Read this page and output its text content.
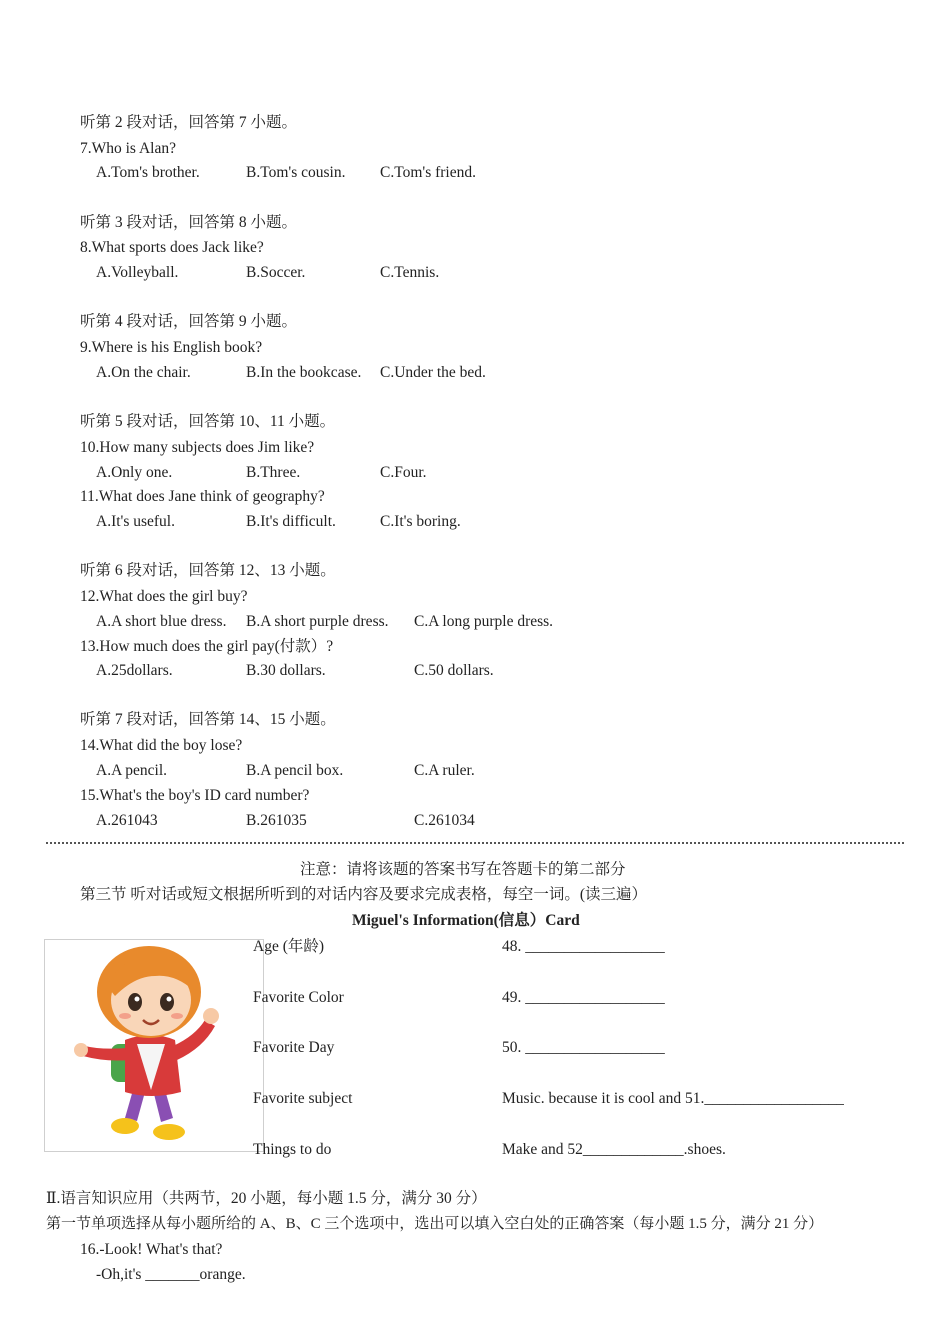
听第 2 段对话，回答第 7 小题。
7.Who is Alan?
A.Tom's brother.	B.Tom's cousin. C.Tom's friend.
听第 3 段对话，回答第 8 小题。
8.What sports does Jack like?
A.Volleyball.	B.Soccer.	C.Tennis.
听第 4 段对话，回答第 9 小题。
9.Where is his English book?
A.On the chair.	B.In the bookcase. C.Under the bed.
听第 5 段对话，回答第 10、11 小题。
10.How many subjects does Jim like?
A.Only one.	B.Three.	C.Four.
11.What does Jane think of geography?
A.It's useful.	B.It's difficult.	C.It's boring.
听第 6 段对话，回答第 12、13 小题。
12.What does the girl buy?
A.A short blue dress. B.A short purple dress. C.A long purple dress.
13.How much does the girl pay(付款）?
A.25dollars.	B.30 dollars.	C.50 dollars.
听第 7 段对话，回答第 14、15 小题。
14.What did the boy lose?
A.A pencil.	B.A pencil box.	C.A ruler.
15.What's the boy's ID card number?
A.261043	B.261035	C.261034
注意：请将该题的答案书写在答题卡的第二部分
第三节 听对话或短文根据所听到的对话内容及要求完成表格，每空一词。(读三遍）
Miguel's Information(信息）Card
Age (年龄)	48. __________________
Favorite Color	49. __________________
Favorite Day	50. __________________
Favorite subject	Music. because it is cool and 51.__________________
Things to do	Make and 52_____________.shoes.
Ⅱ.语言知识应用（共两节，20 小题，每小题 1.5 分，满分 30 分）
第一节单项选择从每小题所给的 A、B、C 三个选项中，选出可以填入空白处的正确答案（每小题 1.5 分，满分 21 分）
16.-Look! What's that?
-Oh,it's _______orange.
